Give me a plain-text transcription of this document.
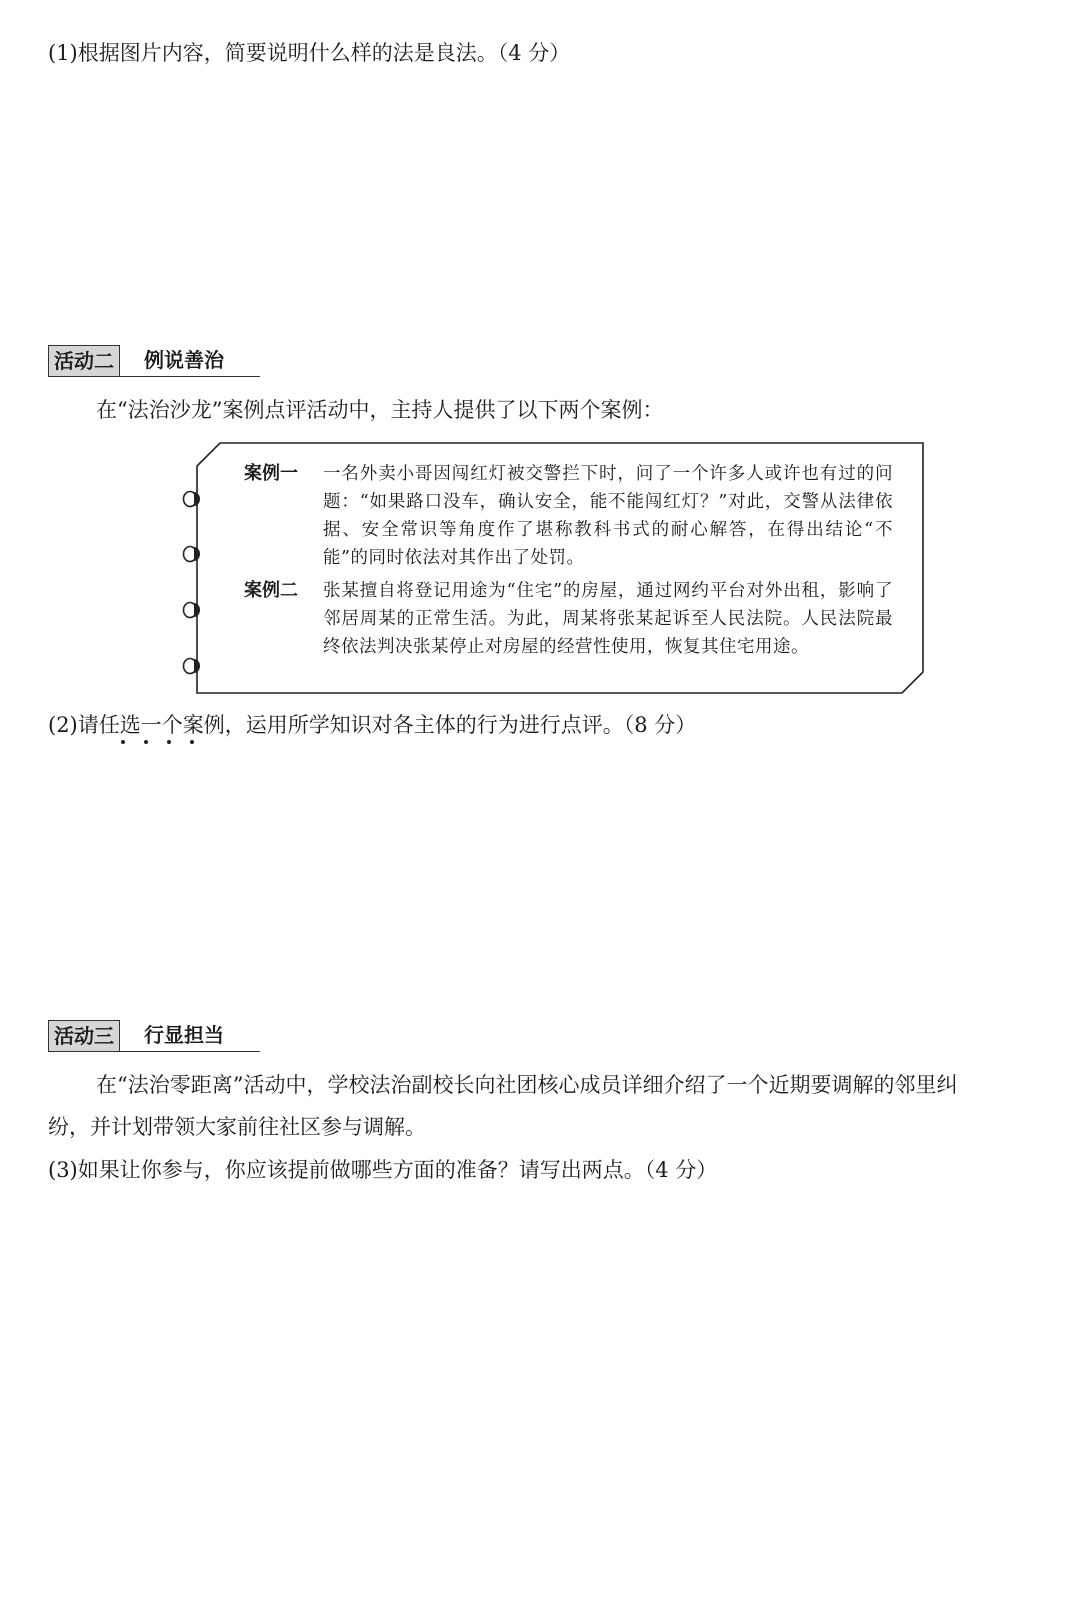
(1)根据图片内容，简要说明什么样的法是良法。（4 分）
活动二	例说善治
在“法治沙龙”案例点评活动中，主持人提供了以下两个案例：
案例一 一名外卖小哥因闯红灯被交警拦下时，问了一个许多人或许也有过的问题：“如果路口没车，确认安全，能不能闯红灯？”对此，交警从法律依据、安全常识等角度作了堪称教科书式的耐心解答，在得出结论“不能”的同时依法对其作出了处罚。
案例二 张某擅自将登记用途为“住宅”的房屋，通过网约平台对外出租，影响了邻居周某的正常生活。为此，周某将张某起诉至人民法院。人民法院最终依法判决张某停止对房屋的经营性使用，恢复其住宅用途。
(2)请任选一个案例，运用所学知识对各主体的行为进行点评。（8 分）
活动三	行显担当
在“法治零距离”活动中，学校法治副校长向社团核心成员详细介绍了一个近期要调解的邻里纠
纷，并计划带领大家前往社区参与调解。
(3)如果让你参与，你应该提前做哪些方面的准备？请写出两点。（4 分）
